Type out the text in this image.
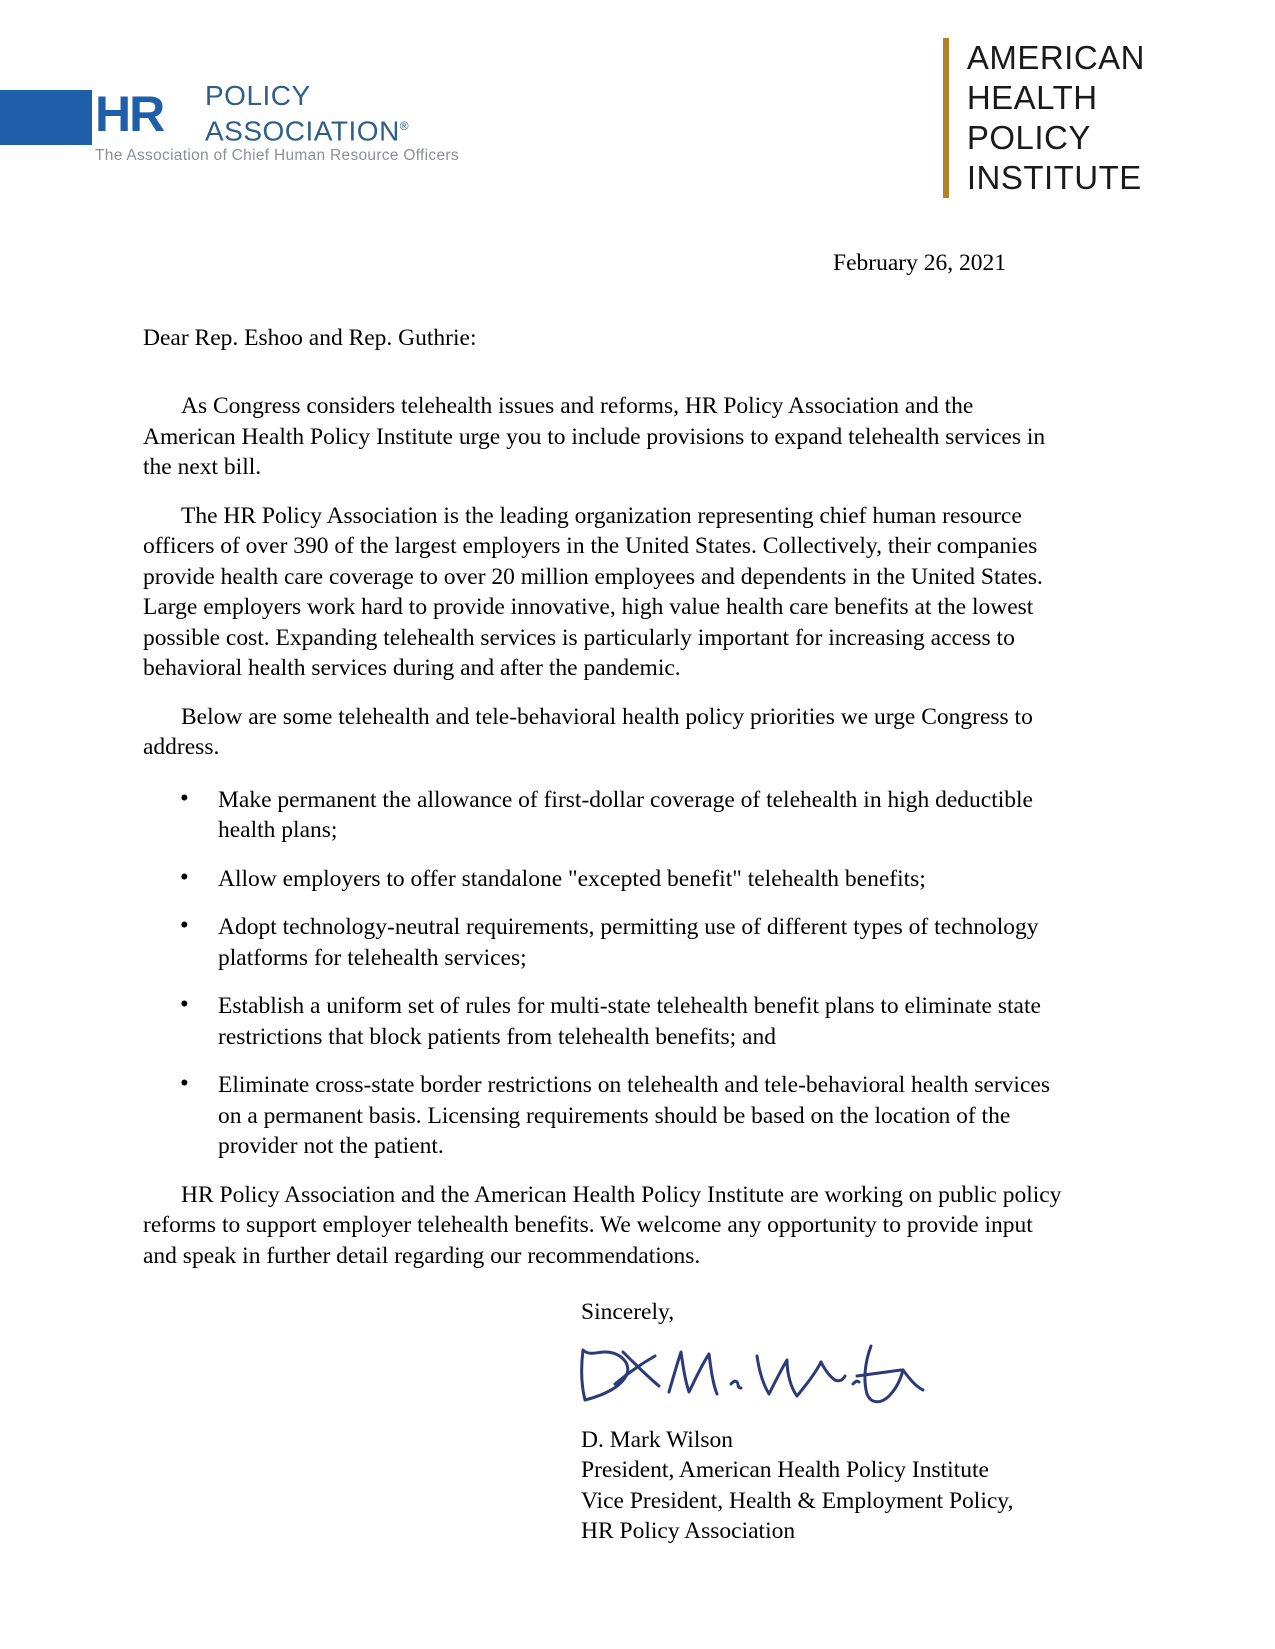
HR POLICY
ASSOCIATION®
The Association of Chief Human Resource Officers
AMERICAN
HEALTH
POLICY
INSTITUTE
February 26, 2021
Dear Rep. Eshoo and Rep. Guthrie:

As Congress considers telehealth issues and reforms, HR Policy Association and the American Health Policy Institute urge you to include provisions to expand telehealth services in the next bill.

The HR Policy Association is the leading organization representing chief human resource officers of over 390 of the largest employers in the United States. Collectively, their companies provide health care coverage to over 20 million employees and dependents in the United States. Large employers work hard to provide innovative, high value health care benefits at the lowest possible cost. Expanding telehealth services is particularly important for increasing access to behavioral health services during and after the pandemic.

Below are some telehealth and tele-behavioral health policy priorities we urge Congress to address.

• Make permanent the allowance of first-dollar coverage of telehealth in high deductible health plans;
• Allow employers to offer standalone "excepted benefit" telehealth benefits;
• Adopt technology-neutral requirements, permitting use of different types of technology platforms for telehealth services;
• Establish a uniform set of rules for multi-state telehealth benefit plans to eliminate state restrictions that block patients from telehealth benefits; and
• Eliminate cross-state border restrictions on telehealth and tele-behavioral health services on a permanent basis. Licensing requirements should be based on the location of the provider not the patient.

HR Policy Association and the American Health Policy Institute are working on public policy reforms to support employer telehealth benefits. We welcome any opportunity to provide input and speak in further detail regarding our recommendations.

Sincerely,

D. Mark Wilson
President, American Health Policy Institute
Vice President, Health & Employment Policy,
HR Policy Association
